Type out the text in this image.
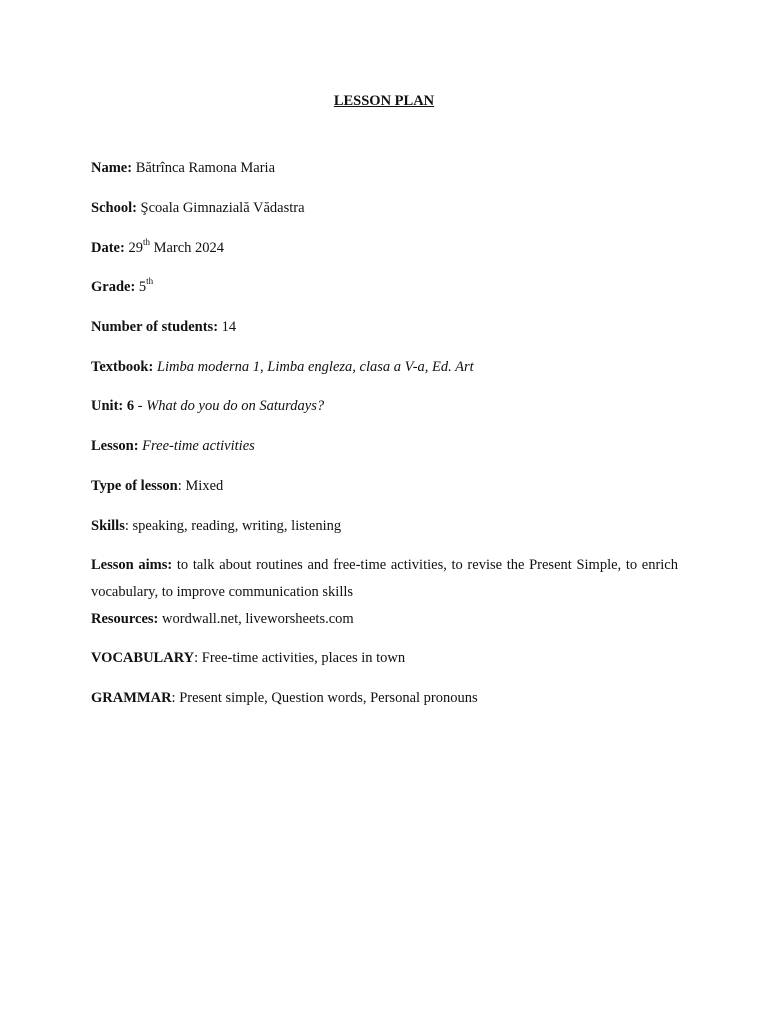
LESSON PLAN
Name: Bătrînca Ramona Maria
School: Şcoala Gimnazială Vădastra
Date: 29th March 2024
Grade: 5th
Number of students: 14
Textbook: Limba moderna 1, Limba engleza, clasa a V-a, Ed. Art
Unit: 6 - What do you do on Saturdays?
Lesson: Free-time activities
Type of lesson: Mixed
Skills: speaking, reading, writing, listening
Lesson aims: to talk about routines and free-time activities, to revise the Present Simple, to enrich vocabulary, to improve communication skills
Resources: wordwall.net, liveworsheets.com
VOCABULARY: Free-time activities, places in town
GRAMMAR: Present simple, Question words, Personal pronouns
